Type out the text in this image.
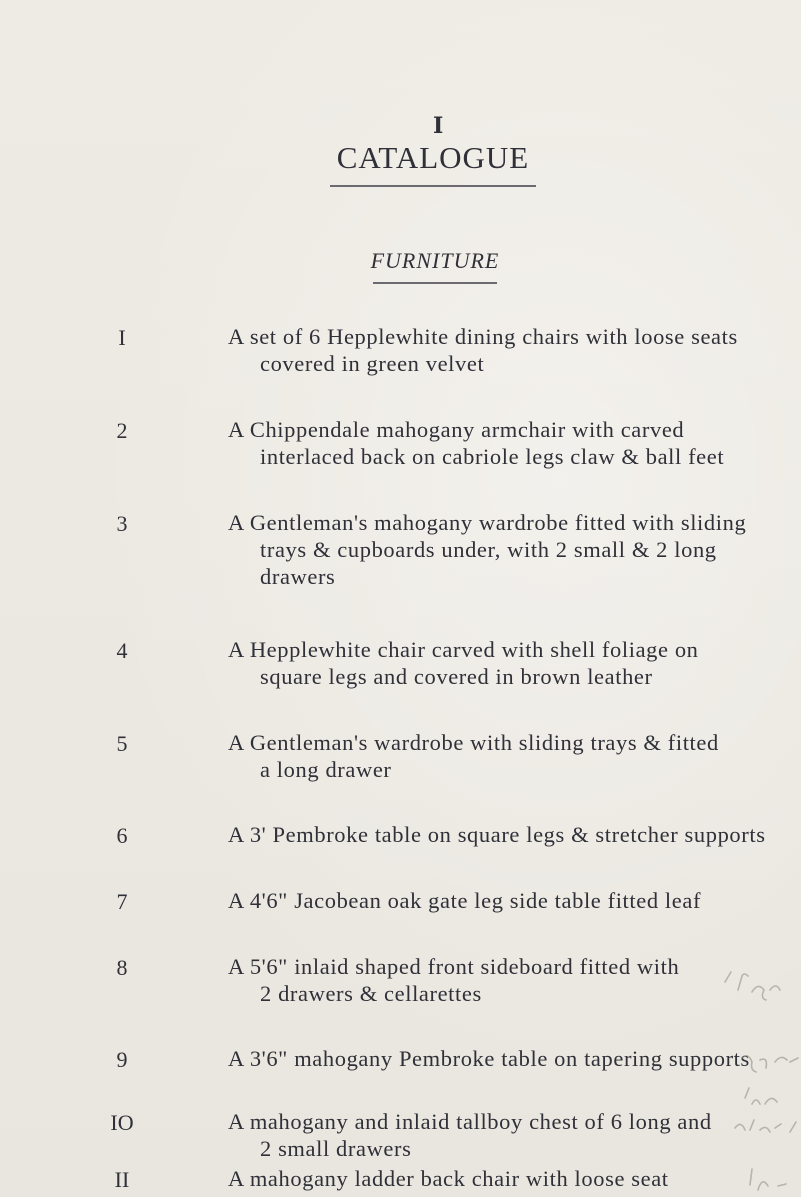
I
CATALOGUE
FURNITURE
I	A set of 6 Hepplewhite dining chairs with loose seats
covered in green velvet
2	A Chippendale mahogany armchair with carved
interlaced back on cabriole legs claw & ball feet
3	A Gentleman's mahogany wardrobe fitted with sliding
trays & cupboards under, with 2 small & 2 long
drawers
4	A Hepplewhite chair carved with shell foliage on
square legs and covered in brown leather
5	A Gentleman's wardrobe with sliding trays & fitted
a long drawer
6	A 3' Pembroke table on square legs & stretcher supports
7	A 4'6" Jacobean oak gate leg side table fitted leaf
8	A 5'6" inlaid shaped front sideboard fitted with
2 drawers & cellarettes
9	A 3'6" mahogany Pembroke table on tapering supports
IO	A mahogany and inlaid tallboy chest of 6 long and
2 small drawers
II	A mahogany ladder back chair with loose seat
